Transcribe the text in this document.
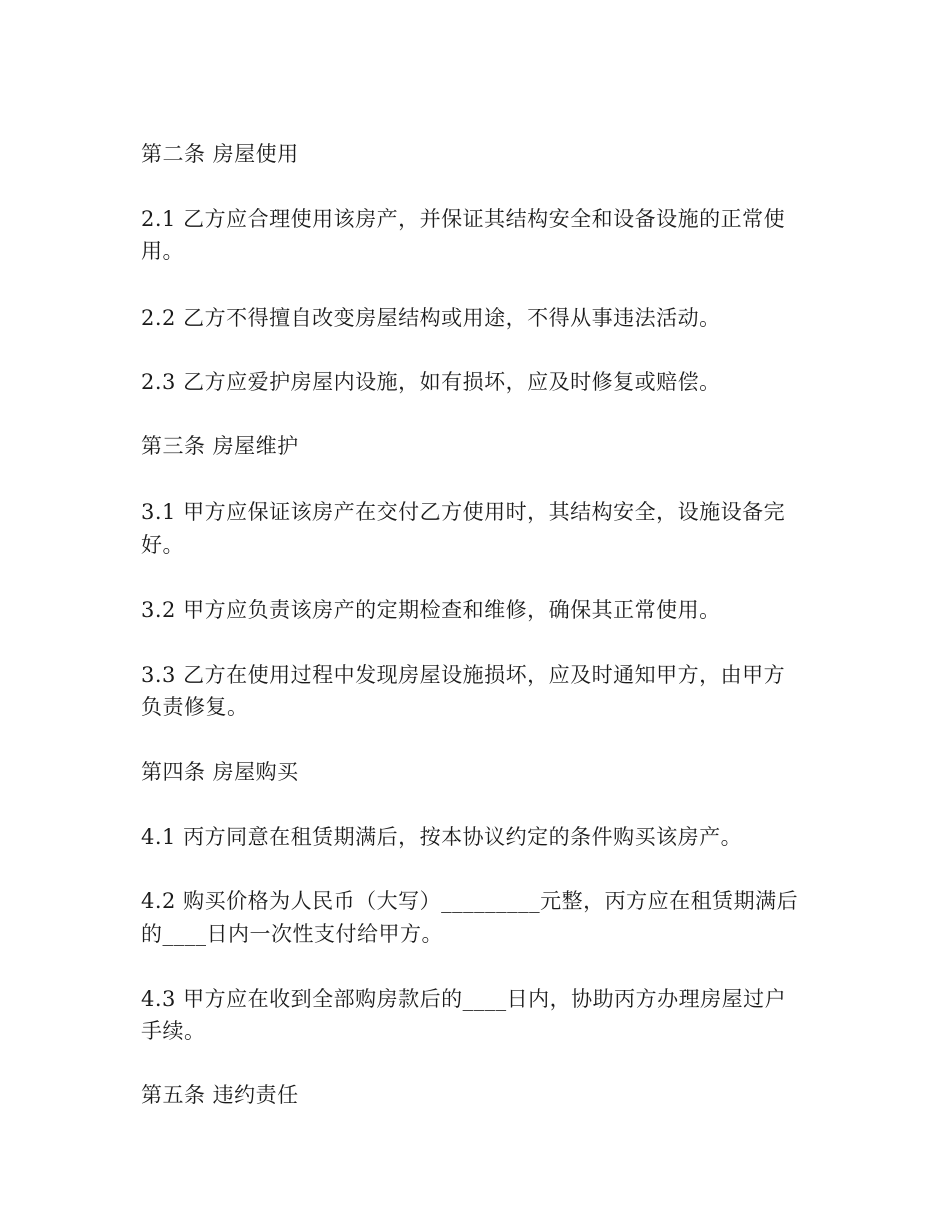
第二条 房屋使用
2.1 乙方应合理使用该房产，并保证其结构安全和设备设施的正常使
用。
2.2 乙方不得擅自改变房屋结构或用途，不得从事违法活动。
2.3 乙方应爱护房屋内设施，如有损坏，应及时修复或赔偿。
第三条 房屋维护
3.1 甲方应保证该房产在交付乙方使用时，其结构安全，设施设备完
好。
3.2 甲方应负责该房产的定期检查和维修，确保其正常使用。
3.3 乙方在使用过程中发现房屋设施损坏，应及时通知甲方，由甲方
负责修复。
第四条 房屋购买
4.1 丙方同意在租赁期满后，按本协议约定的条件购买该房产。
4.2 购买价格为人民币（大写）_________元整，丙方应在租赁期满后
的____日内一次性支付给甲方。
4.3 甲方应在收到全部购房款后的____日内，协助丙方办理房屋过户
手续。
第五条 违约责任
